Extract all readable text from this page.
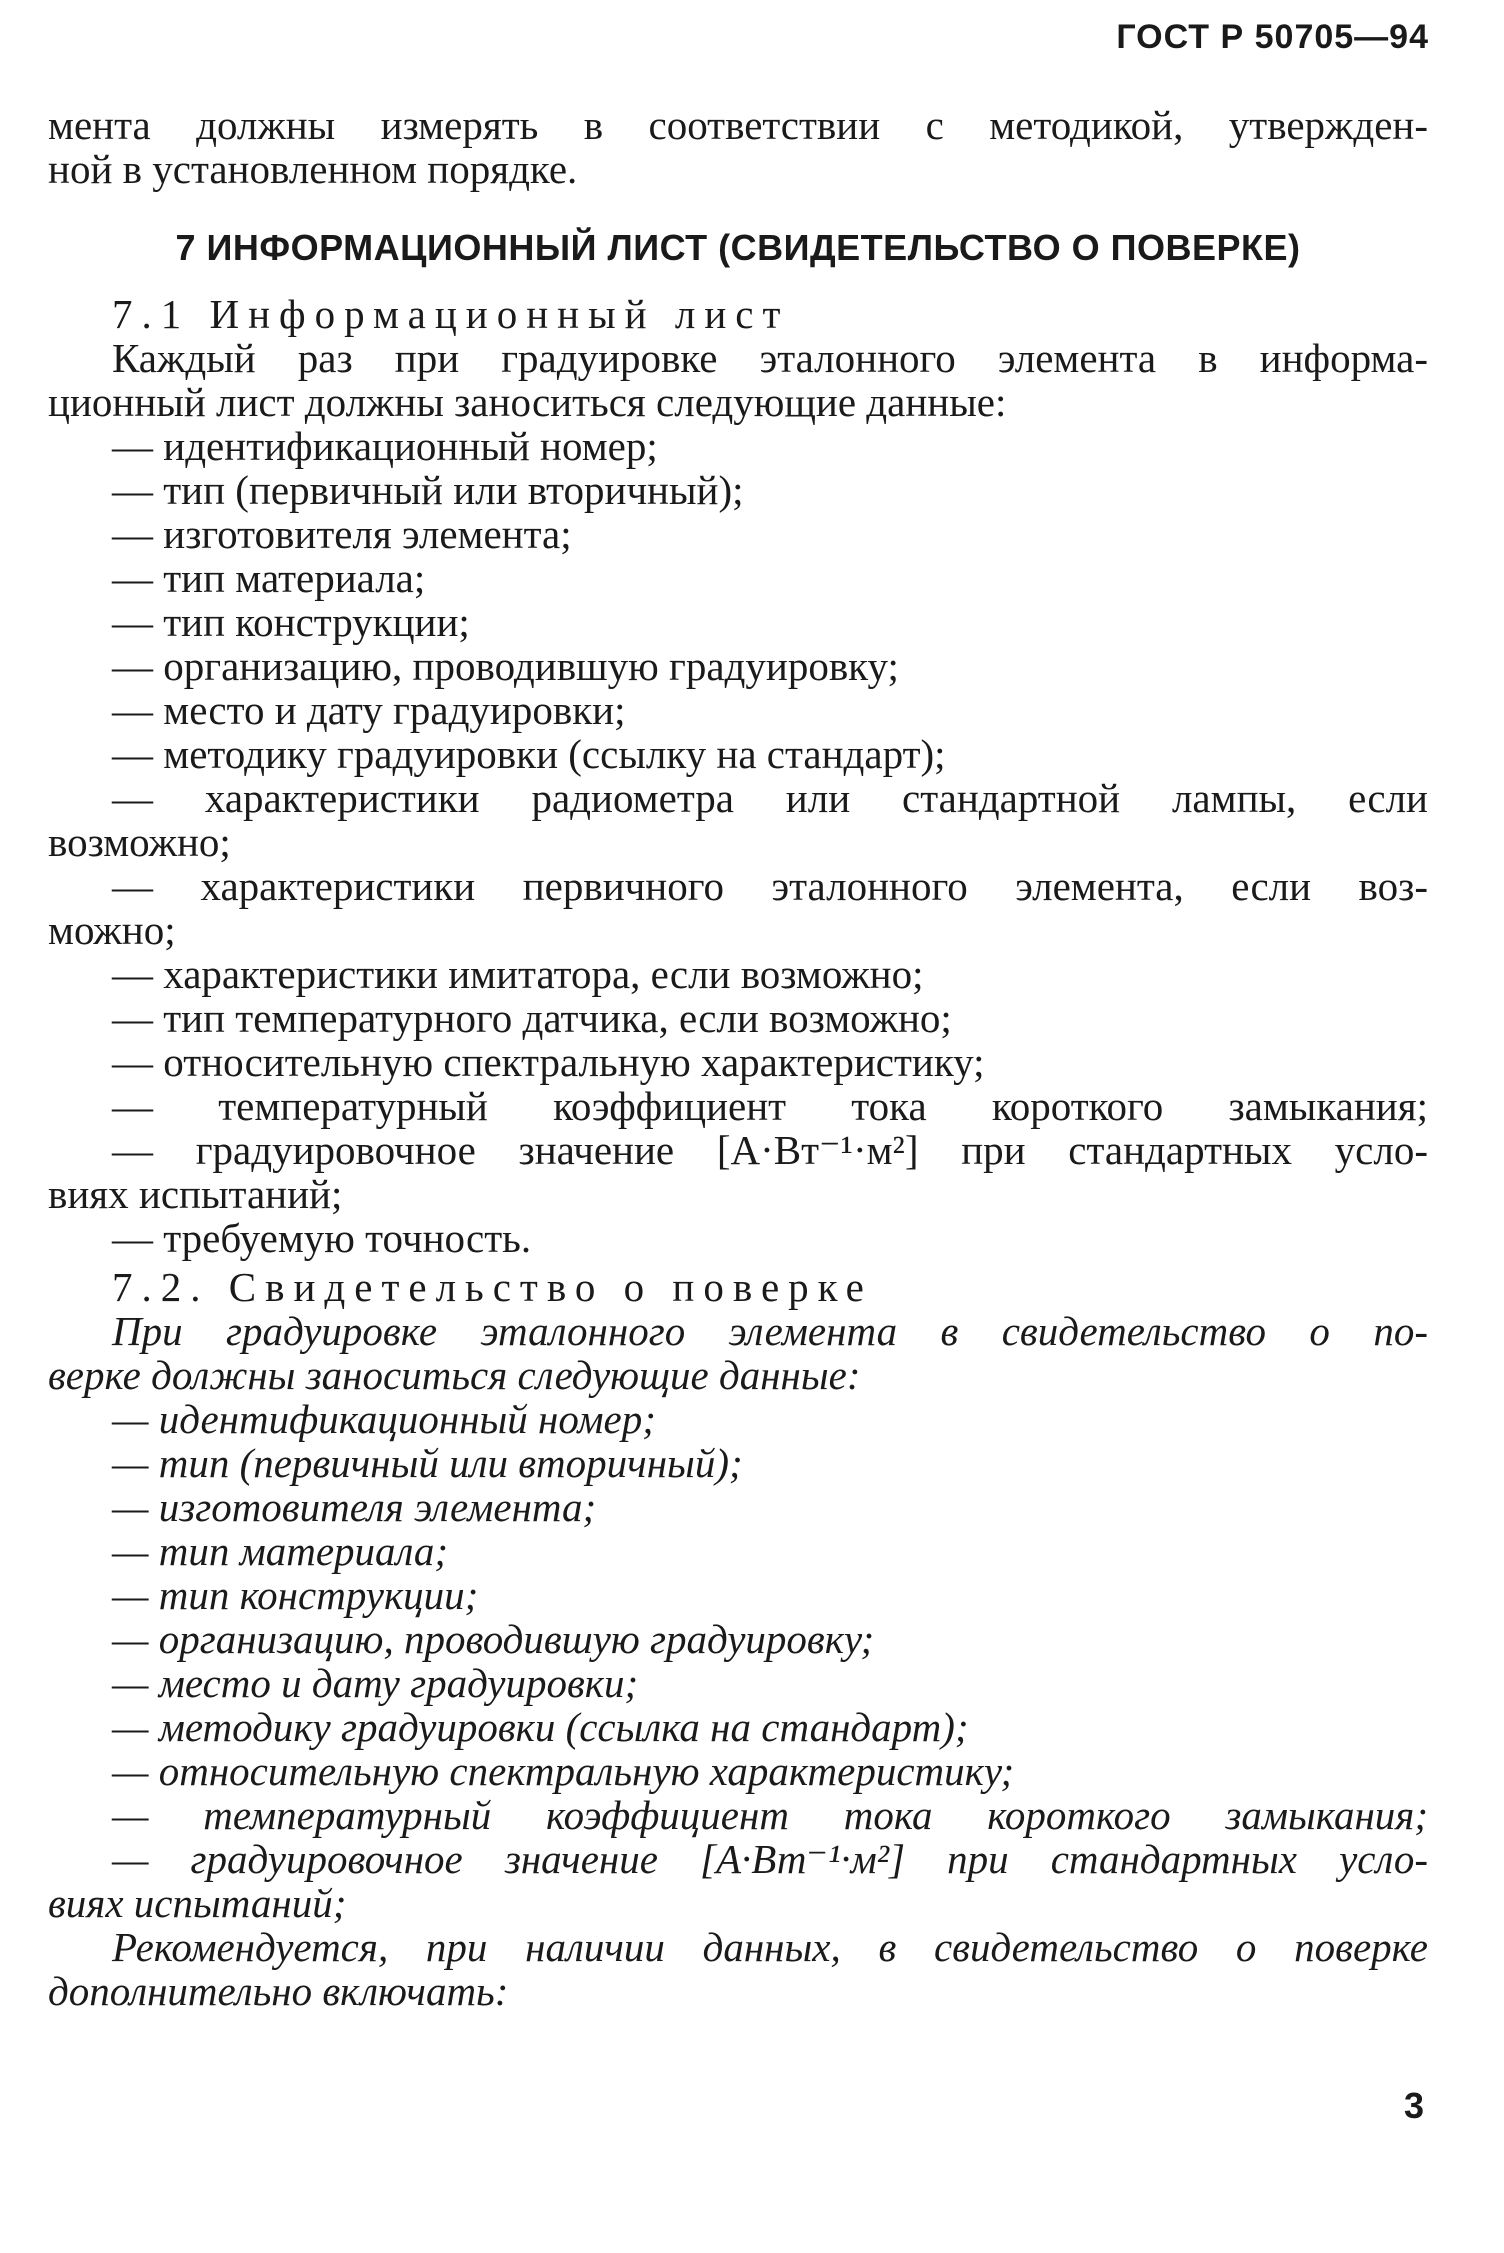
ГОСТ Р 50705—94
мента должны измерять в соответствии с методикой, утвержден-
ной в установленном порядке.
7 ИНФОРМАЦИОННЫЙ ЛИСТ (СВИДЕТЕЛЬСТВО О ПОВЕРКЕ)
7.1 Информационный лист
Каждый раз при градуировке эталонного элемента в информа-
ционный лист должны заноситься следующие данные:
— идентификационный номер;
— тип (первичный или вторичный);
— изготовителя элемента;
— тип материала;
— тип конструкции;
— организацию, проводившую градуировку;
— место и дату градуировки;
— методику градуировки (ссылку на стандарт);
— характеристики радиометра или стандартной лампы, если
возможно;
— характеристики первичного эталонного элемента, если воз-
можно;
— характеристики имитатора, если возможно;
— тип температурного датчика, если возможно;
— относительную спектральную характеристику;
— температурный коэффициент тока короткого замыкания;
— градуировочное значение [А·Вт⁻¹·м²] при стандартных усло-
виях испытаний;
— требуемую точность.
7.2. Свидетельство о поверке
При градуировке эталонного элемента в свидетельство о по-
верке должны заноситься следующие данные:
— идентификационный номер;
— тип (первичный или вторичный);
— изготовителя элемента;
— тип материала;
— тип конструкции;
— организацию, проводившую градуировку;
— место и дату градуировки;
— методику градуировки (ссылка на стандарт);
— относительную спектральную характеристику;
— температурный коэффициент тока короткого замыкания;
— градуировочное значение [А·Вт⁻¹·м²] при стандартных усло-
виях испытаний;
Рекомендуется, при наличии данных, в свидетельство о поверке
дополнительно включать:
3
